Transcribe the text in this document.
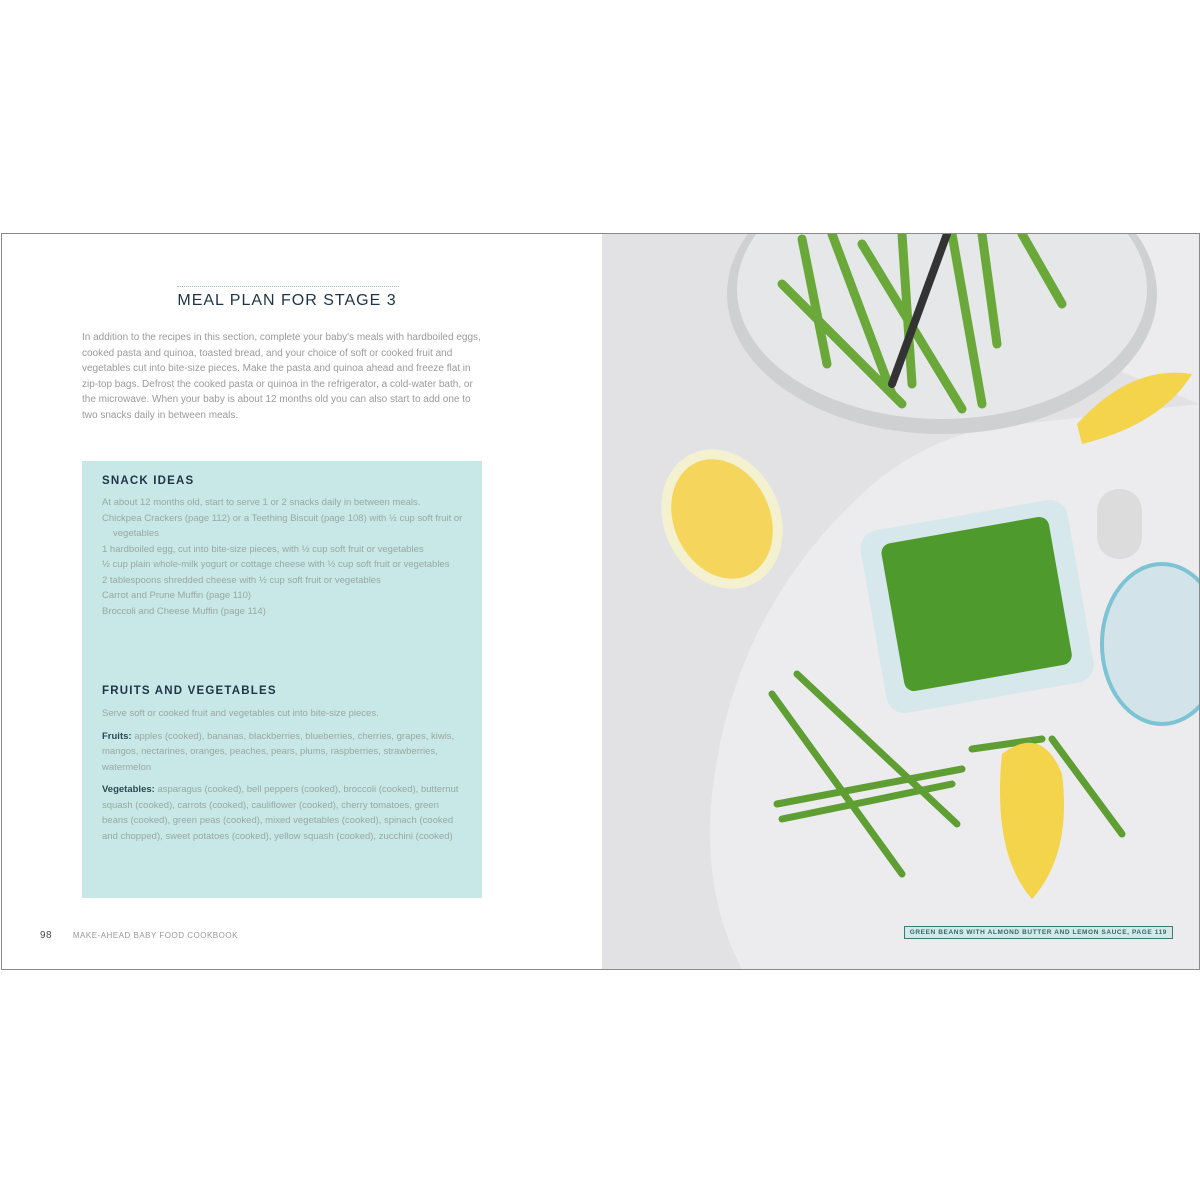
MEAL PLAN FOR STAGE 3
In addition to the recipes in this section, complete your baby's meals with hardboiled eggs, cooked pasta and quinoa, toasted bread, and your choice of soft or cooked fruit and vegetables cut into bite-size pieces. Make the pasta and quinoa ahead and freeze flat in zip-top bags. Defrost the cooked pasta or quinoa in the refrigerator, a cold-water bath, or the microwave. When your baby is about 12 months old you can also start to add one to two snacks daily in between meals.
SNACK IDEAS

At about 12 months old, start to serve 1 or 2 snacks daily in between meals.

Chickpea Crackers (page 112) or a Teething Biscuit (page 108) with ½ cup soft fruit or vegetables

1 hardboiled egg, cut into bite-size pieces, with ½ cup soft fruit or vegetables

½ cup plain whole-milk yogurt or cottage cheese with ½ cup soft fruit or vegetables

2 tablespoons shredded cheese with ½ cup soft fruit or vegetables

Carrot and Prune Muffin (page 110)

Broccoli and Cheese Muffin (page 114)

FRUITS AND VEGETABLES

Serve soft or cooked fruit and vegetables cut into bite-size pieces.

Fruits: apples (cooked), bananas, blackberries, blueberries, cherries, grapes, kiwis, mangos, nectarines, oranges, peaches, pears, plums, raspberries, strawberries, watermelon

Vegetables: asparagus (cooked), bell peppers (cooked), broccoli (cooked), butternut squash (cooked), carrots (cooked), cauliflower (cooked), cherry tomatoes, green beans (cooked), green peas (cooked), mixed vegetables (cooked), spinach (cooked and chopped), sweet potatoes (cooked), yellow squash (cooked), zucchini (cooked)

98	MAKE-AHEAD BABY FOOD COOKBOOK	GREEN BEANS WITH ALMOND BUTTER AND LEMON SAUCE, PAGE 119
